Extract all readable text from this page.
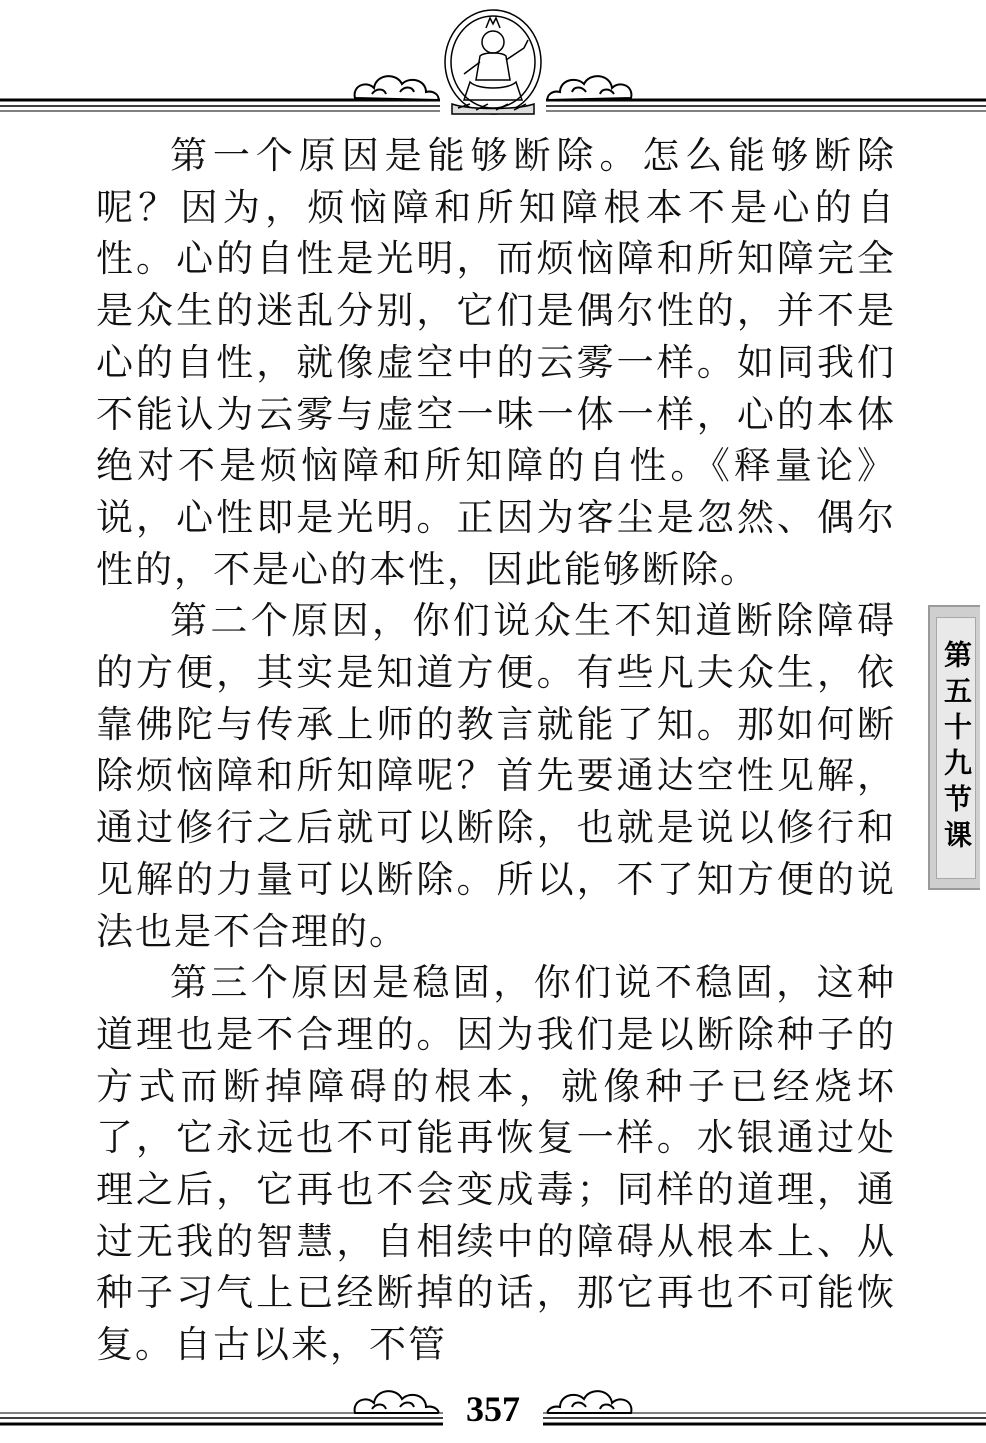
第一个原因是能够断除。怎么能够断除呢？因为，烦恼障和所知障根本不是心的自性。心的自性是光明，而烦恼障和所知障完全是众生的迷乱分别，它们是偶尔性的，并不是心的自性，就像虚空中的云雾一样。如同我们不能认为云雾与虚空一味一体一样，心的本体绝对不是烦恼障和所知障的自性。《释量论》说，心性即是光明。正因为客尘是忽然、偶尔性的，不是心的本性，因此能够断除。

第二个原因，你们说众生不知道断除障碍的方便，其实是知道方便。有些凡夫众生，依靠佛陀与传承上师的教言就能了知。那如何断除烦恼障和所知障呢？首先要通达空性见解，通过修行之后就可以断除，也就是说以修行和见解的力量可以断除。所以，不了知方便的说法也是不合理的。

第三个原因是稳固，你们说不稳固，这种道理也是不合理的。因为我们是以断除种子的方式而断掉障碍的根本，就像种子已经烧坏了，它永远也不可能再恢复一样。水银通过处理之后，它再也不会变成毒；同样的道理，通过无我的智慧，自相续中的障碍从根本上、从种子习气上已经断掉的话，那它再也不可能恢复。自古以来，不管

第五十九节课
357
